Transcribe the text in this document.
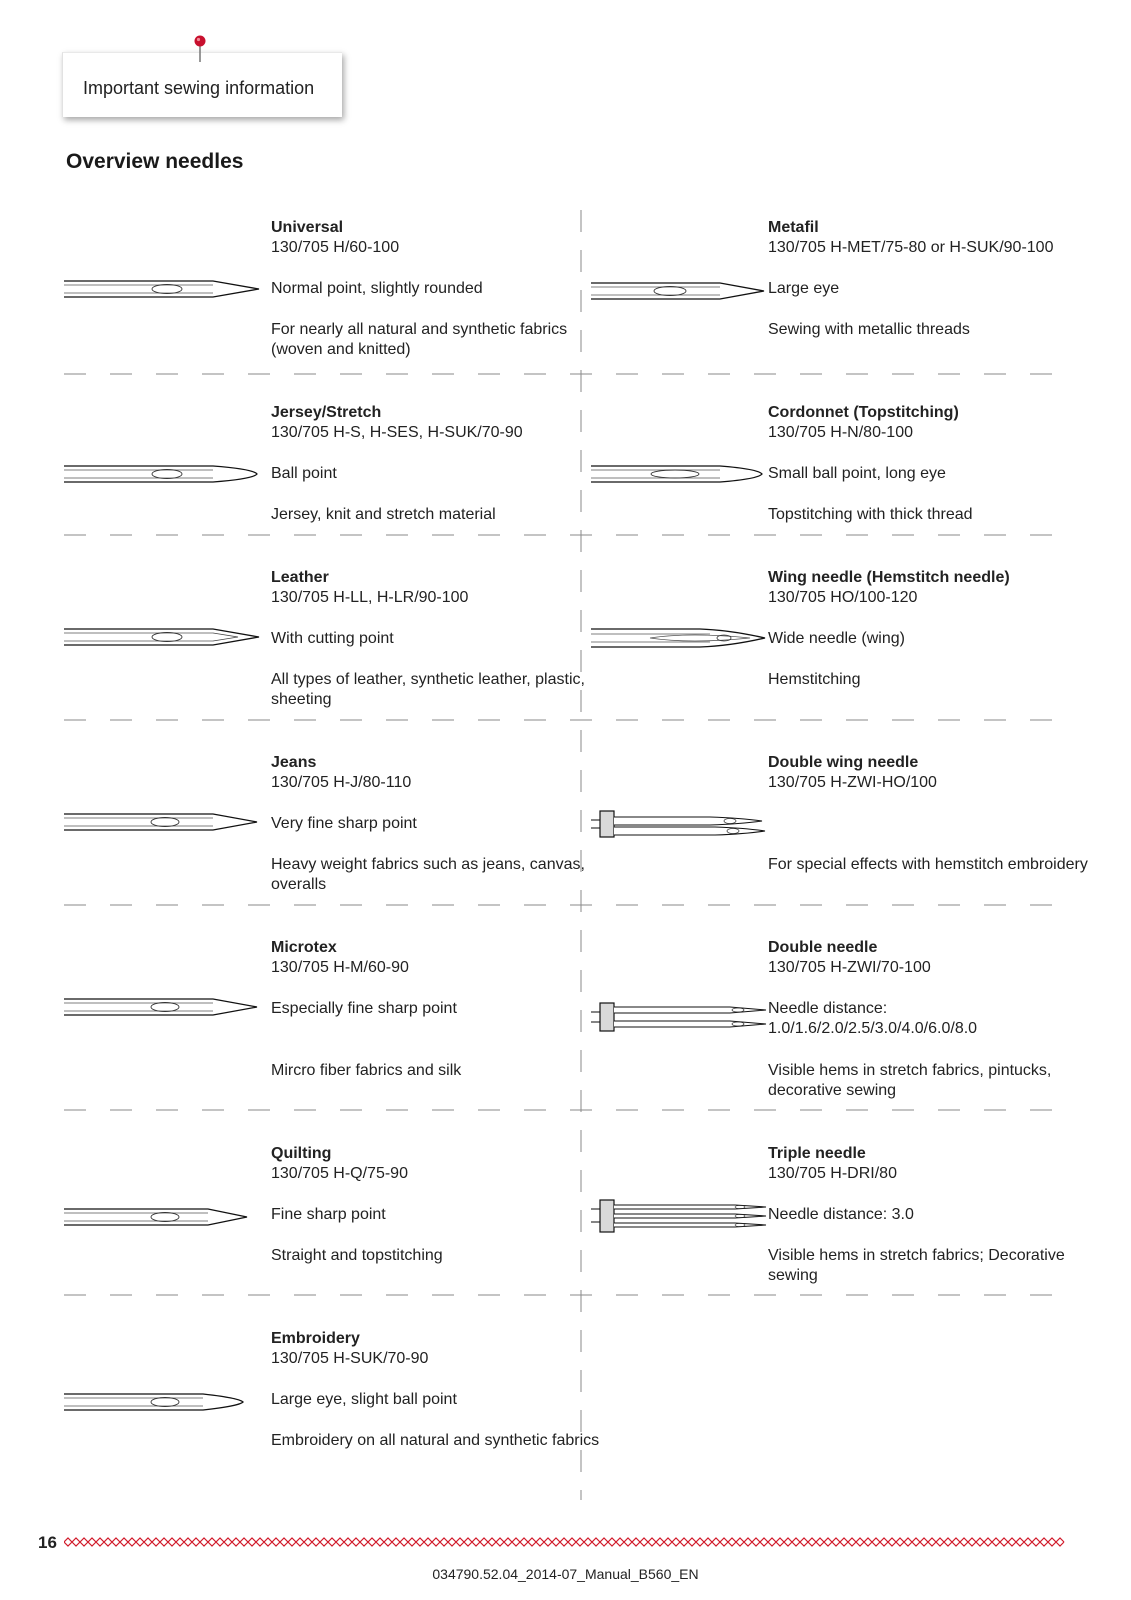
Important sewing information
Overview needles
Universal
130/705 H/60-100
Normal point, slightly rounded
For nearly all natural and synthetic fabrics (woven and knitted)
Jersey/Stretch
130/705 H-S, H-SES, H-SUK/70-90
Ball point
Jersey, knit and stretch material
Leather
130/705 H-LL, H-LR/90-100
With cutting point
All types of leather, synthetic leather, plastic, sheeting
Jeans
130/705 H-J/80-110
Very fine sharp point
Heavy weight fabrics such as jeans, canvas, overalls
Microtex
130/705 H-M/60-90
Especially fine sharp point
Mircro fiber fabrics and silk
Quilting
130/705 H-Q/75-90
Fine sharp point
Straight and topstitching
Embroidery
130/705 H-SUK/70-90
Large eye, slight ball point
Embroidery on all natural and synthetic fabrics
Metafil
130/705 H-MET/75-80 or H-SUK/90-100
Large eye
Sewing with metallic threads
Cordonnet (Topstitching)
130/705 H-N/80-100
Small ball point, long eye
Topstitching with thick thread
Wing needle (Hemstitch needle)
130/705 HO/100-120
Wide needle (wing)
Hemstitching
Double wing needle
130/705 H-ZWI-HO/100
For special effects with hemstitch embroidery
Double needle
130/705 H-ZWI/70-100
Needle distance: 1.0/1.6/2.0/2.5/3.0/4.0/6.0/8.0
Visible hems in stretch fabrics, pintucks, decorative sewing
Triple needle
130/705 H-DRI/80
Needle distance: 3.0
Visible hems in stretch fabrics; Decorative sewing
16
034790.52.04_2014-07_Manual_B560_EN
